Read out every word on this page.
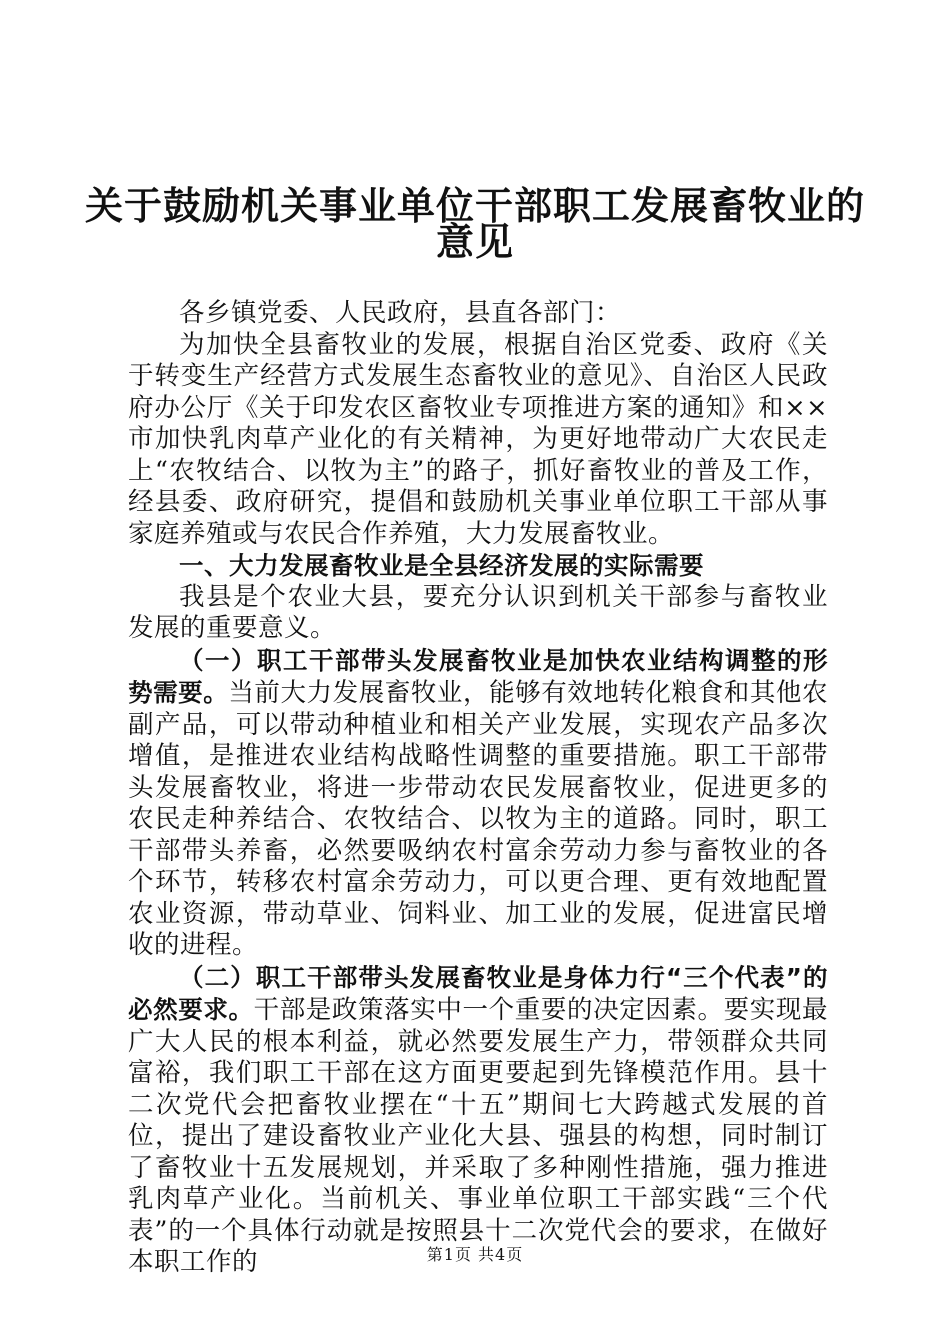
关于鼓励机关事业单位干部职工发展畜牧业的
意见

各乡镇党委、人民政府，县直各部门：

为加快全县畜牧业的发展，根据自治区党委、政府《关于转变生产经营方式发展生态畜牧业的意见》、自治区人民政府办公厅《关于印发农区畜牧业专项推进方案的通知》和××市加快乳肉草产业化的有关精神，为更好地带动广大农民走上“农牧结合、以牧为主”的路子，抓好畜牧业的普及工作，经县委、政府研究，提倡和鼓励机关事业单位职工干部从事家庭养殖或与农民合作养殖，大力发展畜牧业。

一、大力发展畜牧业是全县经济发展的实际需要

我县是个农业大县，要充分认识到机关干部参与畜牧业发展的重要意义。

（一）职工干部带头发展畜牧业是加快农业结构调整的形势需要。当前大力发展畜牧业，能够有效地转化粮食和其他农副产品，可以带动种植业和相关产业发展，实现农产品多次增值，是推进农业结构战略性调整的重要措施。职工干部带头发展畜牧业，将进一步带动农民发展畜牧业，促进更多的农民走种养结合、农牧结合、以牧为主的道路。同时，职工干部带头养畜，必然要吸纳农村富余劳动力参与畜牧业的各个环节，转移农村富余劳动力，可以更合理、更有效地配置农业资源，带动草业、饲料业、加工业的发展，促进富民增收的进程。

（二）职工干部带头发展畜牧业是身体力行“三个代表”的必然要求。干部是政策落实中一个重要的决定因素。要实现最广大人民的根本利益，就必然要发展生产力，带领群众共同富裕，我们职工干部在这方面更要起到先锋模范作用。县十二次党代会把畜牧业摆在“十五”期间七大跨越式发展的首位，提出了建设畜牧业产业化大县、强县的构想，同时制订了畜牧业十五发展规划，并采取了多种刚性措施，强力推进乳肉草产业化。当前机关、事业单位职工干部实践“三个代表”的一个具体行动就是按照县十二次党代会的要求，在做好本职工作的	第1页 共4页
